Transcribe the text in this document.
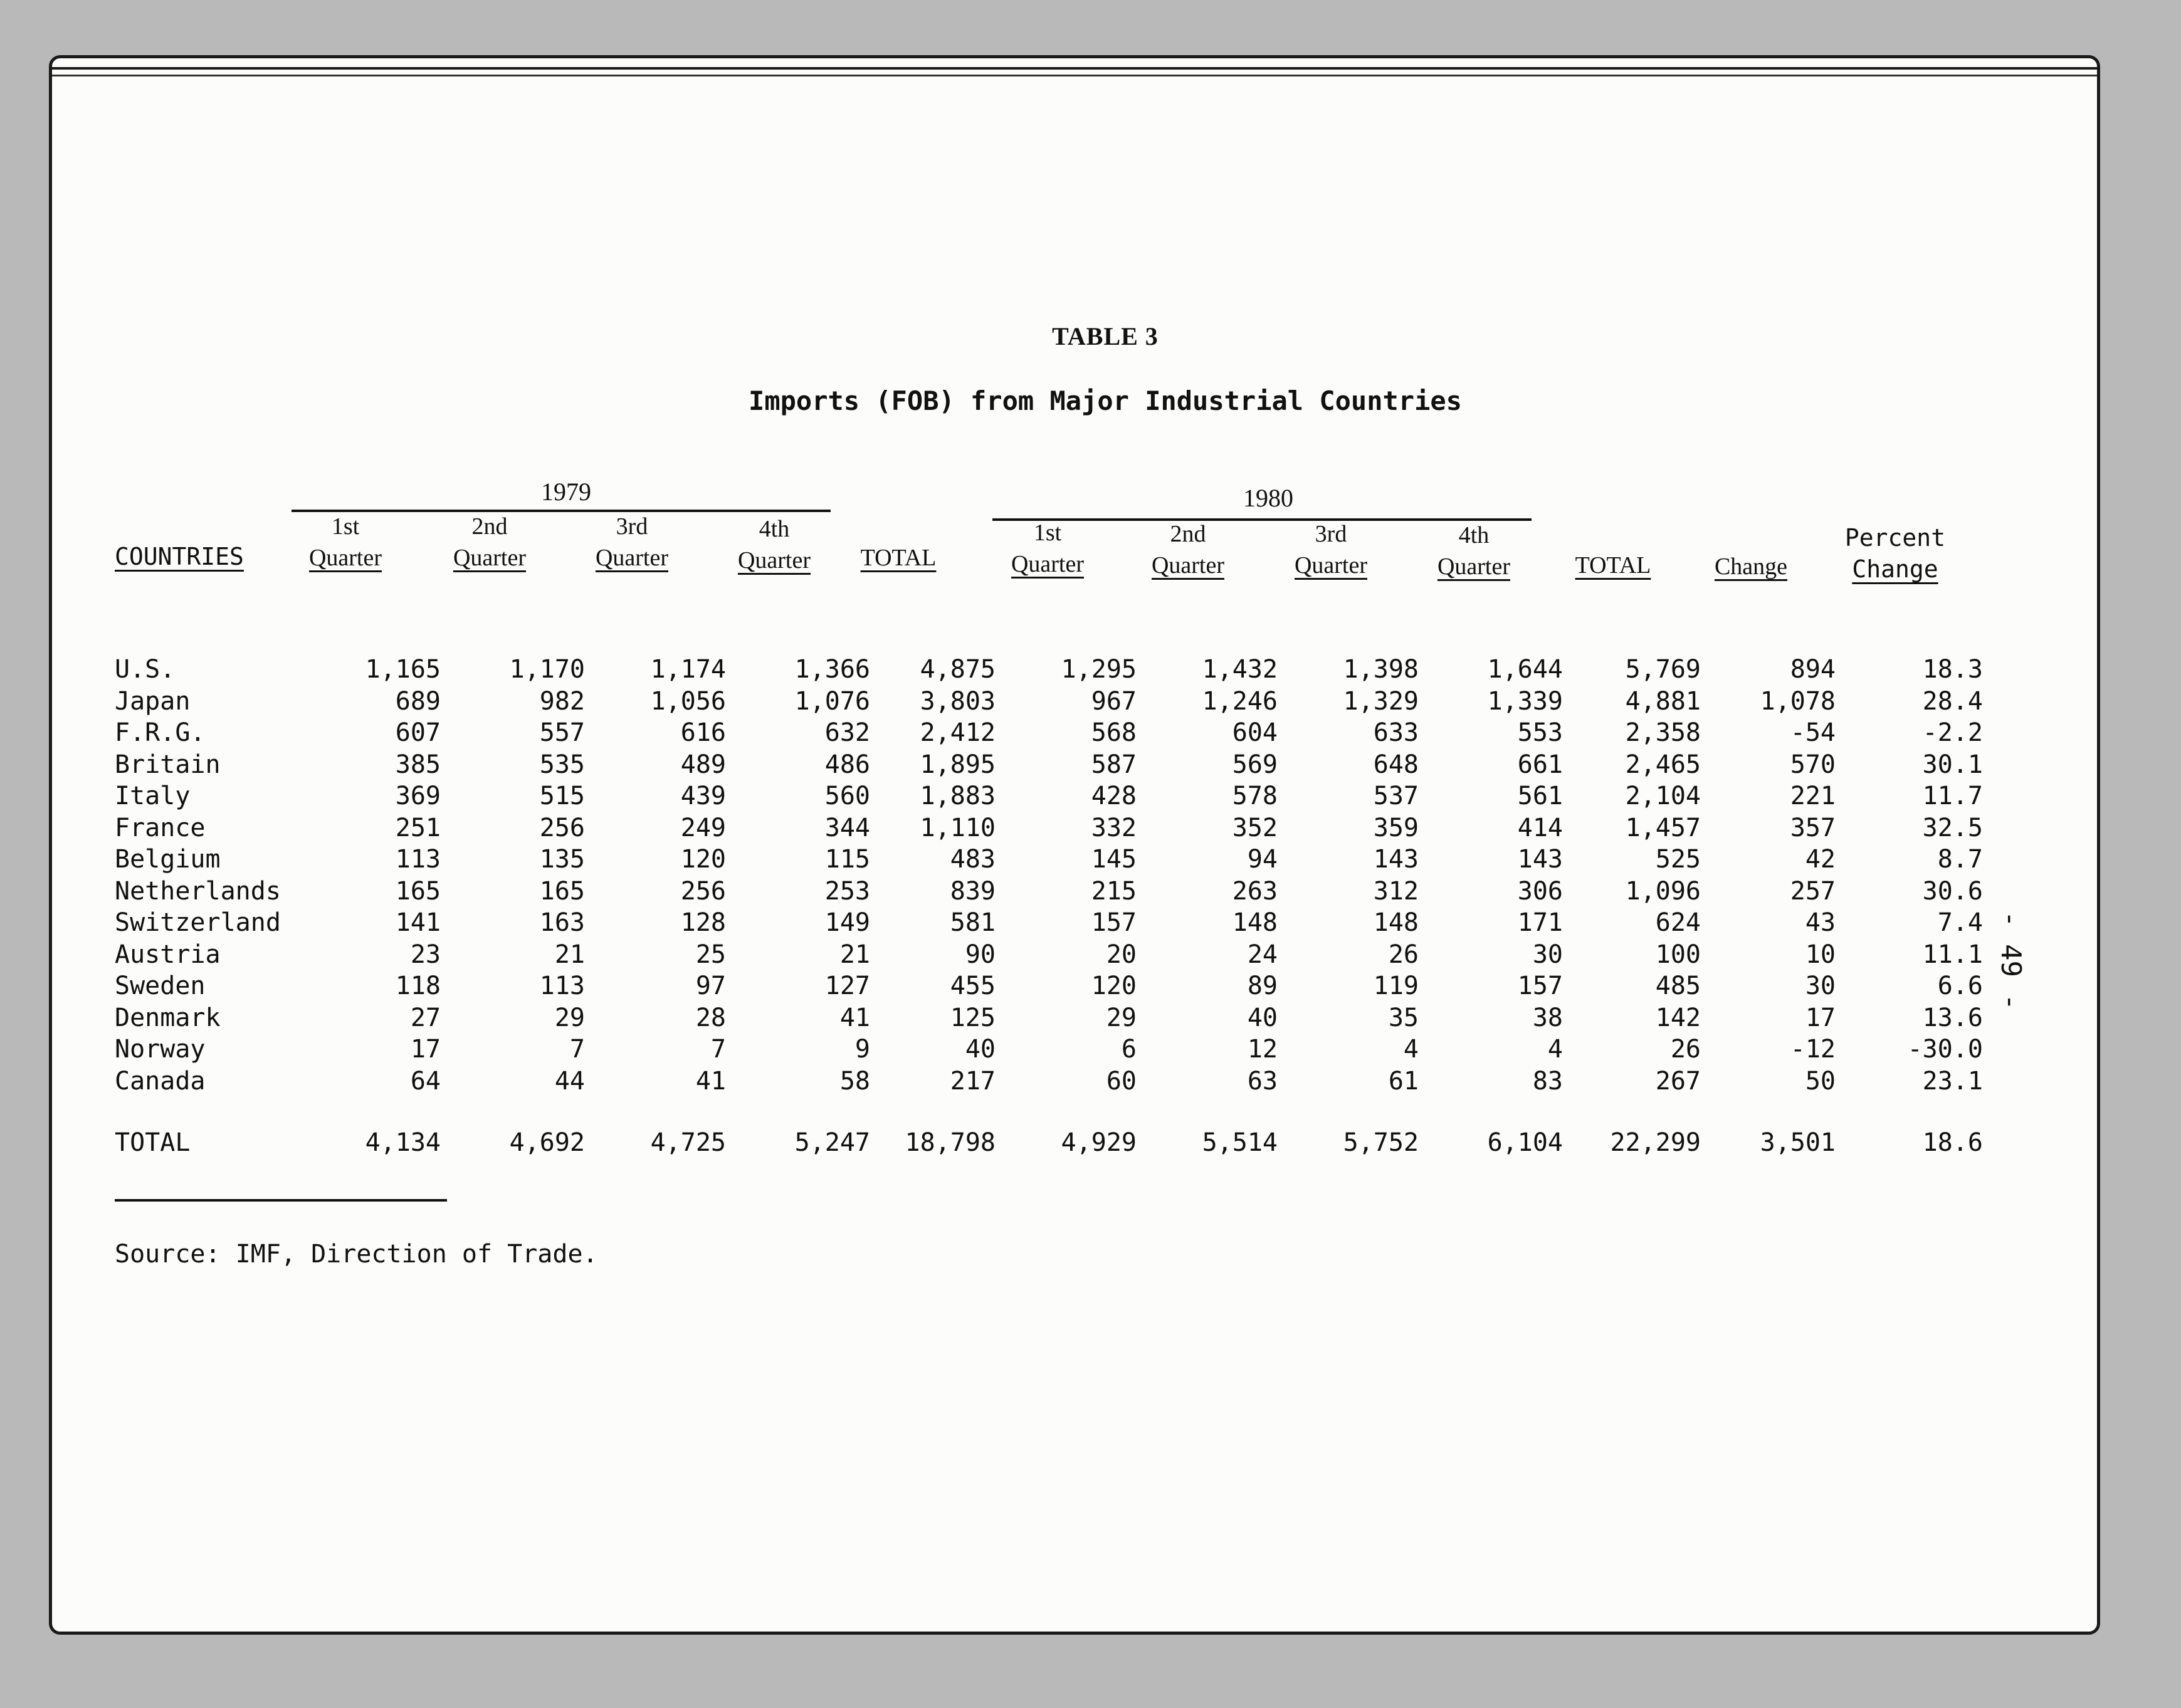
TABLE 3
Imports (FOB) from Major Industrial Countries
1979	1980
COUNTRIES
1st
Quarter
2nd
Quarter
3rd
Quarter
4th
Quarter	TOTAL
1st
Quarter
2nd
Quarter
3rd
Quarter
4th
Quarter	TOTAL	Change
Percent
Change
U.S.	1,165	1,170	1,174	1,366	4,875	1,295	1,432	1,398	1,644	5,769	894	18.3
Japan	689	982	1,056	1,076	3,803	967	1,246	1,329	1,339	4,881	1,078	28.4
F.R.G.	607	557	616	632	2,412	568	604	633	553	2,358	-54	-2.2
Britain	385	535	489	486	1,895	587	569	648	661	2,465	570	30.1
Italy	369	515	439	560	1,883	428	578	537	561	2,104	221	11.7
France	251	256	249	344	1,110	332	352	359	414	1,457	357	32.5
Belgium	113	135	120	115	483	145	94	143	143	525	42	8.7
Netherlands	165	165	256	253	839	215	263	312	306	1,096	257	30.6
Switzerland	141	163	128	149	581	157	148	148	171	624	43	7.4
Austria	23	21	25	21	90	20	24	26	30	100	10	11.1
Sweden	118	113	97	127	455	120	89	119	157	485	30	6.6
Denmark	27	29	28	41	125	29	40	35	38	142	17	13.6
Norway	17	7	7	9	40	6	12	4	4	26	-12	-30.0
Canada	64	44	41	58	217	60	63	61	83	267	50	23.1
TOTAL	4,134	4,692	4,725	5,247	18,798	4,929	5,514	5,752	6,104	22,299	3,501	18.6
Source: IMF, Direction of Trade.
- 49 -
